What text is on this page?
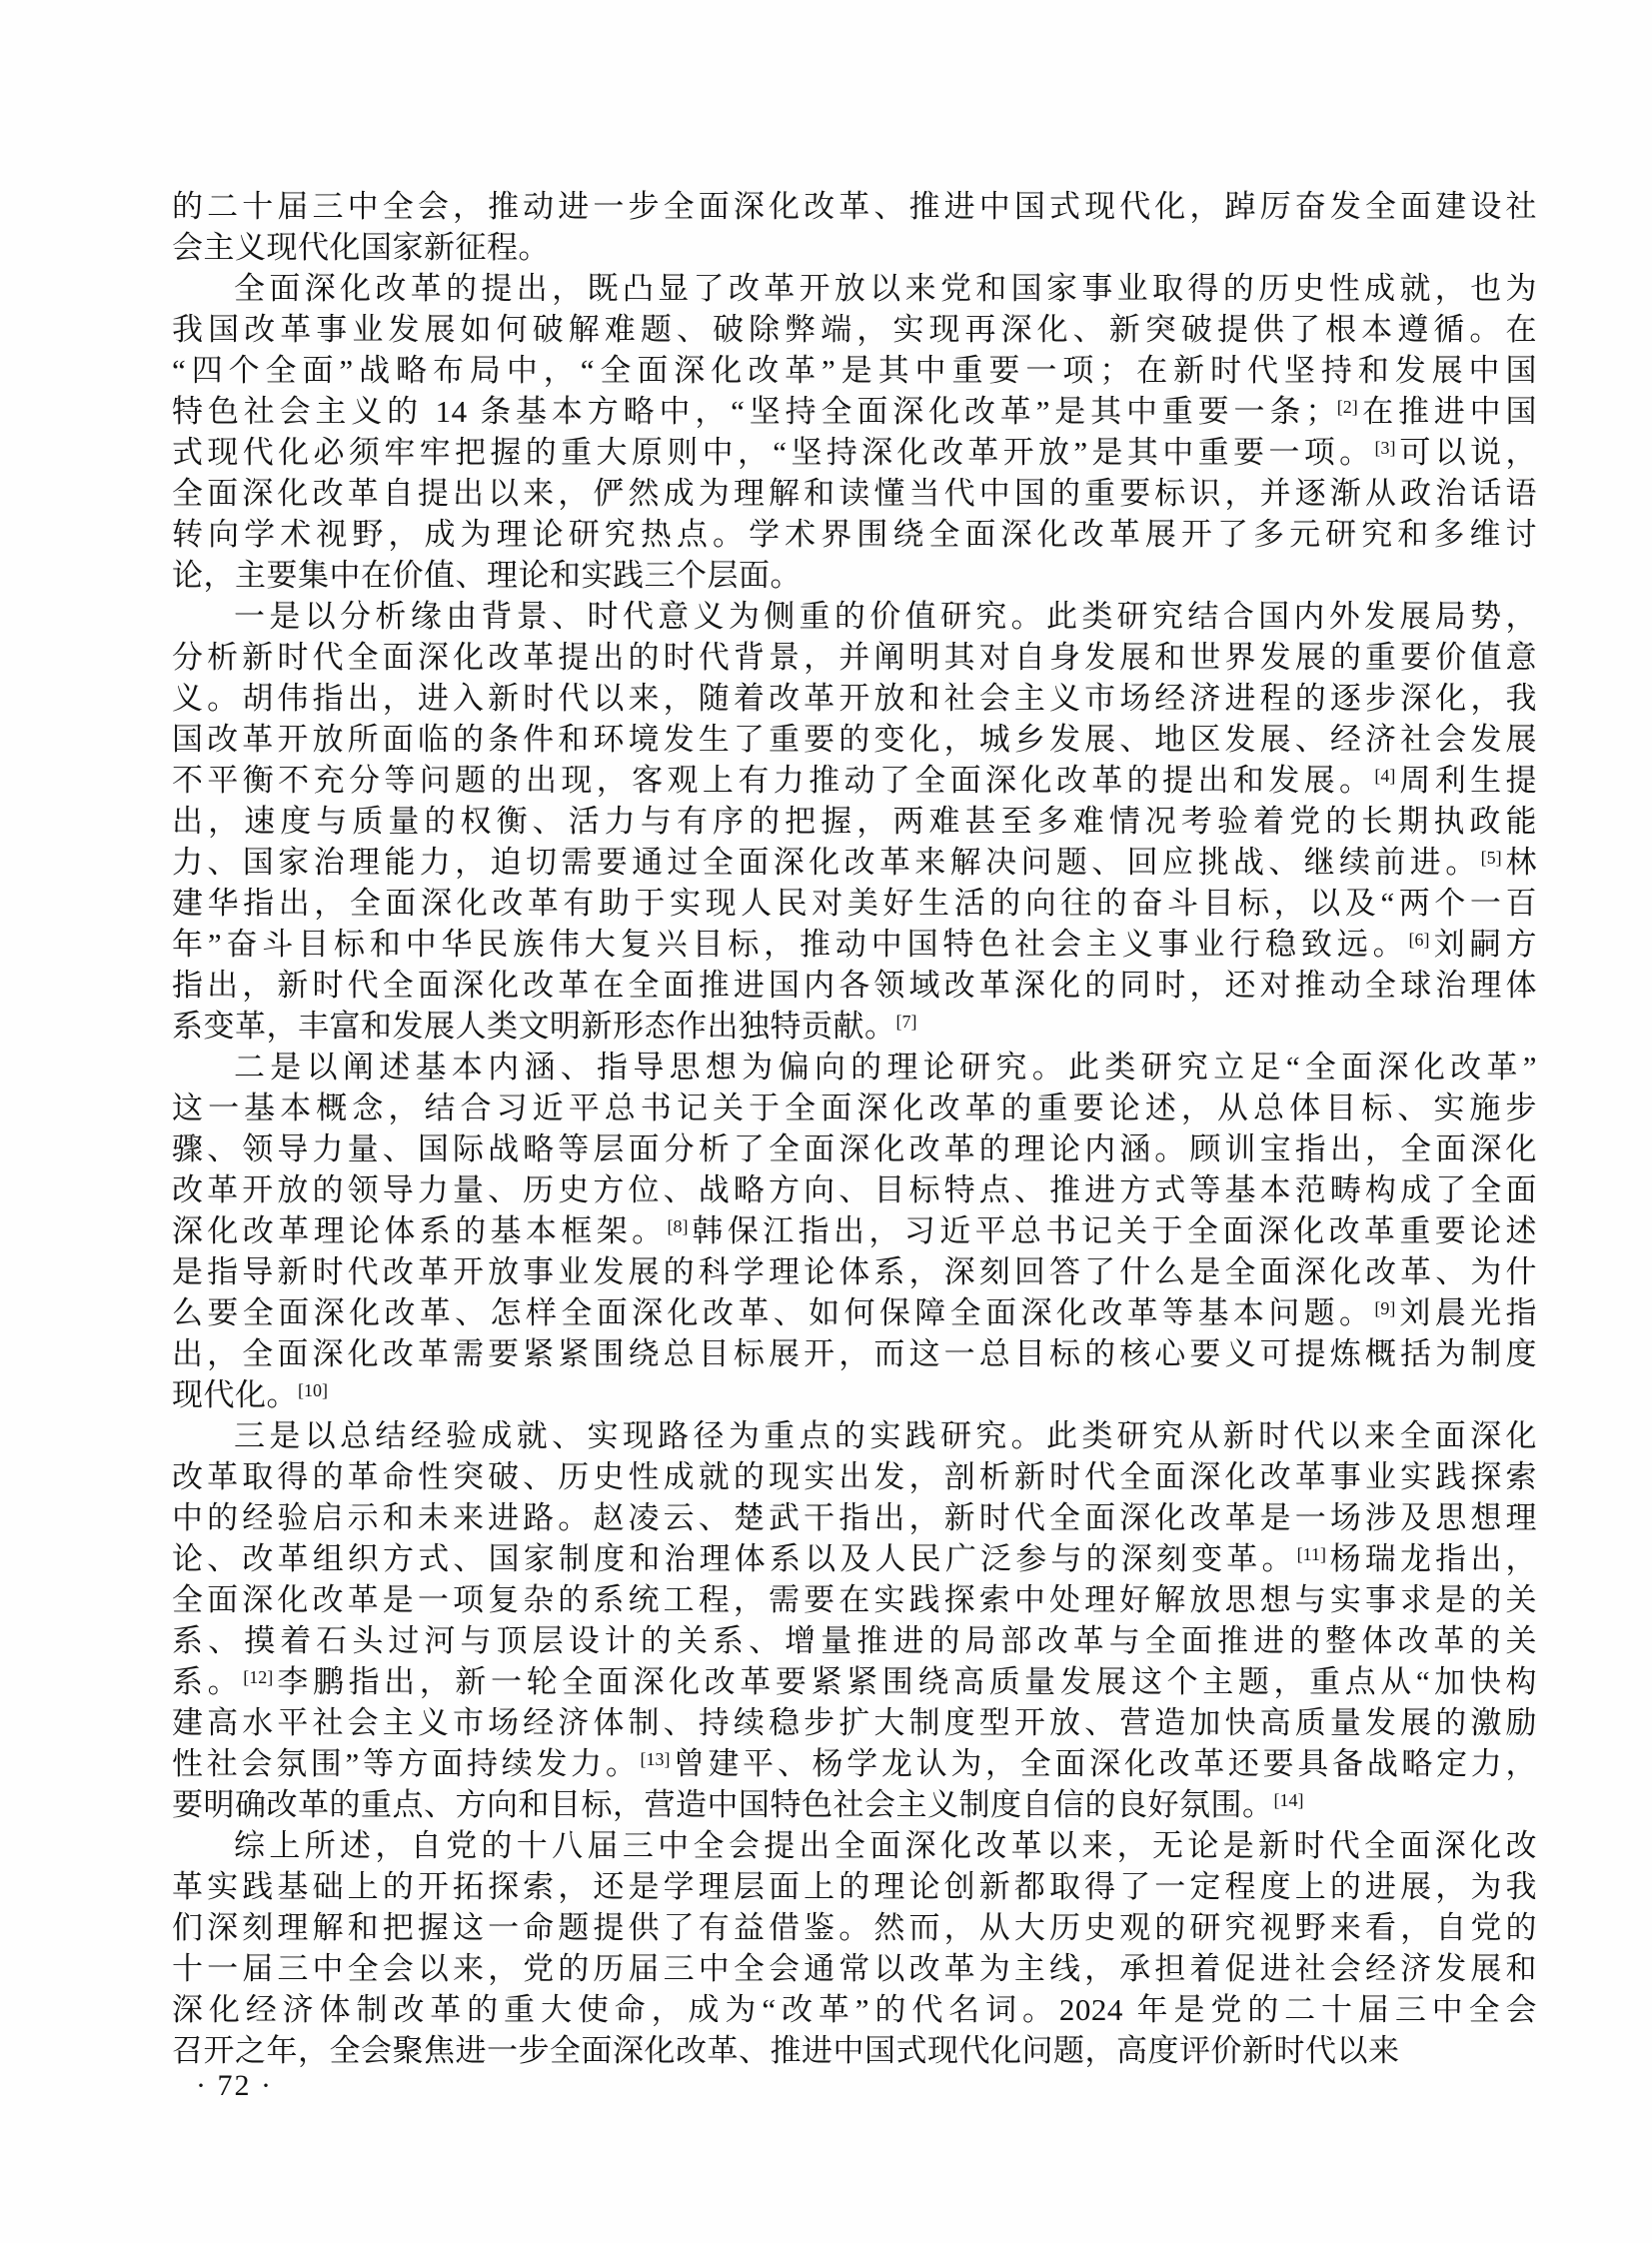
的二十届三中全会，推动进一步全面深化改革、推进中国式现代化，踔厉奋发全面建设社
会主义现代化国家新征程。
全面深化改革的提出，既凸显了改革开放以来党和国家事业取得的历史性成就，也为
我国改革事业发展如何破解难题、破除弊端，实现再深化、新突破提供了根本遵循。在
“四个全面”战略布局中，“全面深化改革”是其中重要一项；在新时代坚持和发展中国
特色社会主义的 14 条基本方略中，“坚持全面深化改革”是其中重要一条；[2]在推进中国
式现代化必须牢牢把握的重大原则中，“坚持深化改革开放”是其中重要一项。[3]可以说，
全面深化改革自提出以来，俨然成为理解和读懂当代中国的重要标识，并逐渐从政治话语
转向学术视野，成为理论研究热点。学术界围绕全面深化改革展开了多元研究和多维讨
论，主要集中在价值、理论和实践三个层面。
一是以分析缘由背景、时代意义为侧重的价值研究。此类研究结合国内外发展局势，
分析新时代全面深化改革提出的时代背景，并阐明其对自身发展和世界发展的重要价值意
义。胡伟指出，进入新时代以来，随着改革开放和社会主义市场经济进程的逐步深化，我
国改革开放所面临的条件和环境发生了重要的变化，城乡发展、地区发展、经济社会发展
不平衡不充分等问题的出现，客观上有力推动了全面深化改革的提出和发展。[4]周利生提
出，速度与质量的权衡、活力与有序的把握，两难甚至多难情况考验着党的长期执政能
力、国家治理能力，迫切需要通过全面深化改革来解决问题、回应挑战、继续前进。[5]林
建华指出，全面深化改革有助于实现人民对美好生活的向往的奋斗目标，以及“两个一百
年”奋斗目标和中华民族伟大复兴目标，推动中国特色社会主义事业行稳致远。[6]刘嗣方
指出，新时代全面深化改革在全面推进国内各领域改革深化的同时，还对推动全球治理体
系变革，丰富和发展人类文明新形态作出独特贡献。[7]
二是以阐述基本内涵、指导思想为偏向的理论研究。此类研究立足“全面深化改革”
这一基本概念，结合习近平总书记关于全面深化改革的重要论述，从总体目标、实施步
骤、领导力量、国际战略等层面分析了全面深化改革的理论内涵。顾训宝指出，全面深化
改革开放的领导力量、历史方位、战略方向、目标特点、推进方式等基本范畴构成了全面
深化改革理论体系的基本框架。[8]韩保江指出，习近平总书记关于全面深化改革重要论述
是指导新时代改革开放事业发展的科学理论体系，深刻回答了什么是全面深化改革、为什
么要全面深化改革、怎样全面深化改革、如何保障全面深化改革等基本问题。[9]刘晨光指
出，全面深化改革需要紧紧围绕总目标展开，而这一总目标的核心要义可提炼概括为制度
现代化。[10]
三是以总结经验成就、实现路径为重点的实践研究。此类研究从新时代以来全面深化
改革取得的革命性突破、历史性成就的现实出发，剖析新时代全面深化改革事业实践探索
中的经验启示和未来进路。赵凌云、楚武干指出，新时代全面深化改革是一场涉及思想理
论、改革组织方式、国家制度和治理体系以及人民广泛参与的深刻变革。[11]杨瑞龙指出，
全面深化改革是一项复杂的系统工程，需要在实践探索中处理好解放思想与实事求是的关
系、摸着石头过河与顶层设计的关系、增量推进的局部改革与全面推进的整体改革的关
系。[12]李鹏指出，新一轮全面深化改革要紧紧围绕高质量发展这个主题，重点从“加快构
建高水平社会主义市场经济体制、持续稳步扩大制度型开放、营造加快高质量发展的激励
性社会氛围”等方面持续发力。[13]曾建平、杨学龙认为，全面深化改革还要具备战略定力，
要明确改革的重点、方向和目标，营造中国特色社会主义制度自信的良好氛围。[14]
综上所述，自党的十八届三中全会提出全面深化改革以来，无论是新时代全面深化改
革实践基础上的开拓探索，还是学理层面上的理论创新都取得了一定程度上的进展，为我
们深刻理解和把握这一命题提供了有益借鉴。然而，从大历史观的研究视野来看，自党的
十一届三中全会以来，党的历届三中全会通常以改革为主线，承担着促进社会经济发展和
深化经济体制改革的重大使命，成为“改革”的代名词。2024 年是党的二十届三中全会
召开之年，全会聚焦进一步全面深化改革、推进中国式现代化问题，高度评价新时代以来
· 72 ·
